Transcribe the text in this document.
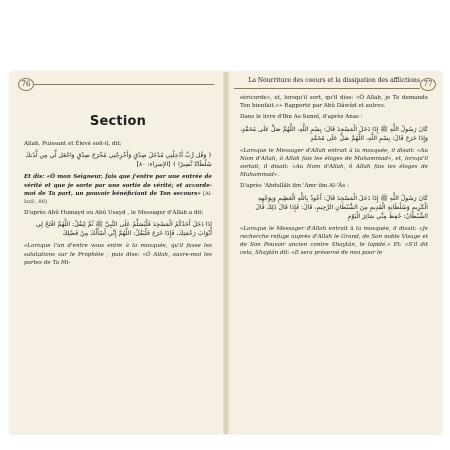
76
Section

Allah, Puissant et Élevé soit-il, dit:

﴿ وَقُل رَّبِّ أَدْخِلْنِي مُدْخَلَ صِدْقٍ وَأَخْرِجْنِي مُخْرَجَ صِدْقٍ وَاجْعَل لِّي مِن لَّدُنكَ سُلْطَانًا نَّصِيرًا ﴾ [الإسراء: ٨٠]

Et dis: «Ô mon Seigneur, fais que j'entre par une entrée de vérité et que je sorte par une sortie de vérité; et accorde-moi de Ta part, un pouvoir bénéficiant de Ton secours» [Al-Isrâ', 80]

D'après Abû Humayd ou Abû Usayd , le Messager d'Allah a dit:

إِذَا دَخَلَ أَحَدُكُمُ الْمَسْجِدَ فَلْيُسَلِّمْ عَلَى النَّبِيِّ ﷺ ثُمَّ لِيَقُلْ: اللَّهُمَّ افْتَحْ لِي أَبْوَابَ رَحْمَتِكَ، فَإِذَا خَرَجَ فَلْيَقُلْ: اللَّهُمَّ إِنِّي أَسْأَلُكَ مِنْ فَضْلِكَ

«Lorsque l'un d'entre vous entre à la mosquée, qu'il fasse les salutations sur le Prophète , puis dise: «Ô Allah, ouvre-moi les portes de Ta Mi-

La Nourriture des coeurs et la dissipation des afflictions 77

séricorde», et, lorsqu'il sort, qu'il dise: «Ô Allah, je Te demande Ton bienfait.»» Rapporté par Abû Dâwûd et autres.

Dans le livre d'Ibn As-Sunnî, d'après Anas :

كَانَ رَسُولُ اللَّهِ ﷺ إِذَا دَخَلَ الْمَسْجِدَ قَالَ: بِسْمِ اللَّهِ، اللَّهُمَّ صَلِّ عَلَى مُحَمَّدٍ، وَإِذَا خَرَجَ قَالَ: بِسْمِ اللَّهِ، اللَّهُمَّ صَلِّ عَلَى مُحَمَّدٍ

«Lorsque le Messager d'Allah entrait à la mosquée, il disait: «Au Nom d'Allah, ô Allah fais les éloges de Muhammad», et, lorsqu'il sortait, il disait: «Au Nom d'Allah, ô Allah fais les éloges de Muhammad».

D'après 'Abdullâh ibn 'Amr ibn Al-'Âs :

كَانَ رَسُولُ اللَّهِ ﷺ إِذَا دَخَلَ الْمَسْجِدَ قَالَ: أَعُوذُ بِاللَّهِ الْعَظِيمِ وَبِوَجْهِهِ الْكَرِيمِ وَسُلْطَانِهِ الْقَدِيمِ مِنَ الشَّيْطَانِ الرَّجِيمِ، قَالَ: فَإِذَا قَالَ ذَلِكَ قَالَ الشَّيْطَانُ: حُفِظَ مِنِّي سَائِرَ الْيَوْمِ

«Lorsque le Messager d'Allah entrait à la mosquée, il disait: «Je recherche refuge auprès d'Allah le Grand, de Son noble Visage et de Son Pouvoir ancien contre Shaytân, le lapidé.» Et: «S'il dit cela, Shaytân dit: «Il sera préservé de moi pour le
